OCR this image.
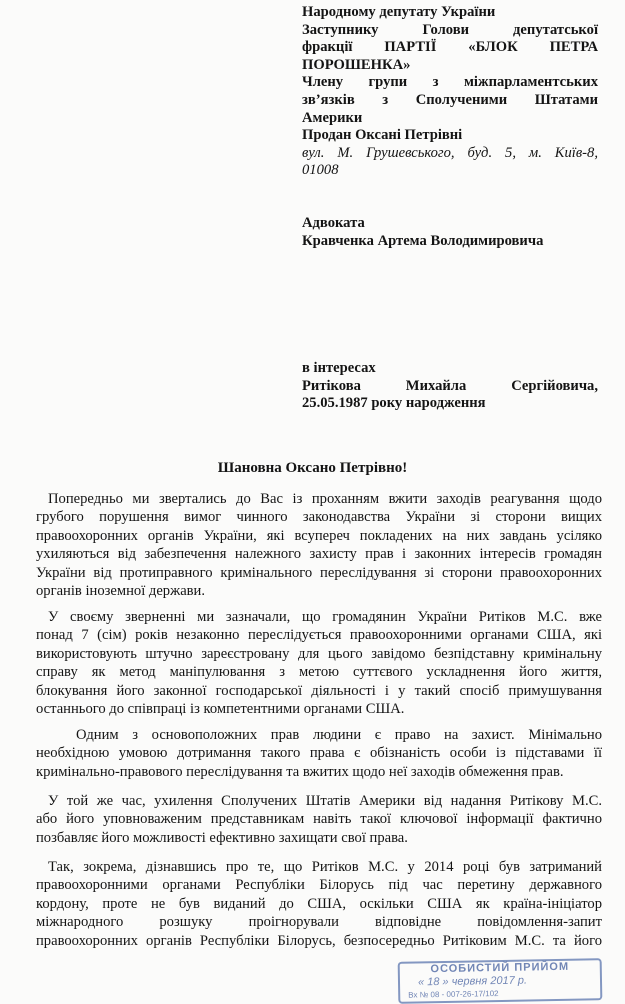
Народному депутату України
Заступнику Голови депутатської
фракції ПАРТІЇ «БЛОК ПЕТРА
ПОРОШЕНКА»
Члену групи з міжпарламентських
зв’язків з Сполученими Штатами
Америки
Продан Оксані Петрівні
вул. М. Грушевського, буд. 5, м. Київ-8,
01008
Адвоката
Кравченка Артема Володимировича
в інтересах
Ритікова Михайла Сергійовича,
25.05.1987 року народження
Шановна Оксано Петрівно!
Попередньо ми звертались до Вас із проханням вжити заходів реагування щодо
грубого порушення вимог чинного законодавства України зі сторони вищих
правоохоронних органів України, які всупереч покладених на них завдань усіляко
ухиляються від забезпечення належного захисту прав і законних інтересів громадян
України від протиправного кримінального переслідування зі сторони правоохоронних
органів іноземної держави.
У своєму зверненні ми зазначали, що громадянин України Ритіков М.С. вже
понад 7 (сім) років незаконно переслідується правоохоронними органами США, які
використовують штучно зареєстровану для цього завідомо безпідставну кримінальну
справу як метод маніпулювання з метою суттєвого ускладнення його життя,
блокування його законної господарської діяльності і у такий спосіб примушування
останнього до співпраці із компетентними органами США.
Одним з основоположних прав людини є право на захист. Мінімально
необхідною умовою дотримання такого права є обізнаність особи із підставами її
кримінально-правового переслідування та вжитих щодо неї заходів обмеження прав.
У той же час, ухилення Сполучених Штатів Америки від надання Ритікову М.С.
або його уповноваженим представникам навіть такої ключової інформації фактично
позбавляє його можливості ефективно захищати свої права.
Так, зокрема, дізнавшись про те, що Ритіков М.С. у 2014 році був затриманий
правоохоронними органами Республіки Білорусь під час перетину державного
кордону, проте не був виданий до США, оскільки США як країна-ініціатор
міжнародного розшуку проігнорували відповідне повідомлення-запит
правоохоронних органів Республіки Білорусь, безпосередньо Ритіковим М.С. та його
ОСОБИСТИЙ ПРИЙОМ
« 18 » червня 2017 р.
Вх № 08 - 007-26-17/102
